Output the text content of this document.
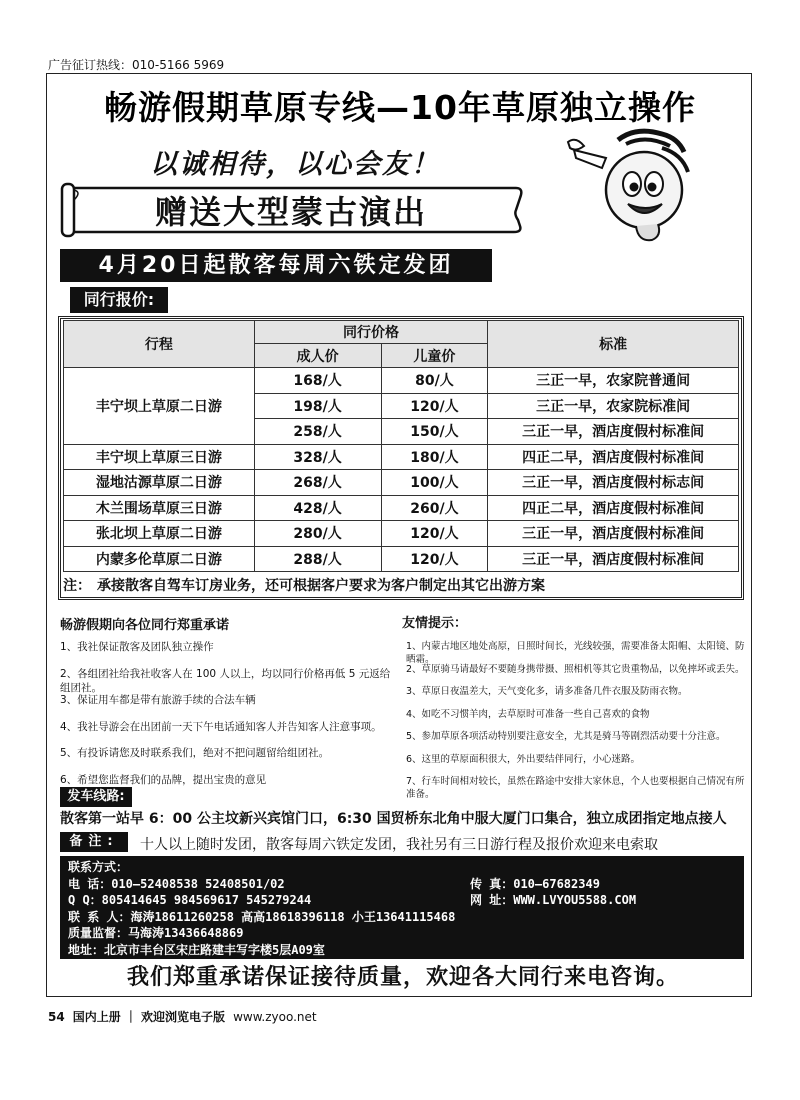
广告征订热线：010-5166 5969
畅游假期草原专线—10年草原独立操作
以诚相待，以心会友！
赠送大型蒙古演出
4月20日起散客每周六铁定发团
同行报价:
行程	同行价格		标准
	成人价	儿童价	
丰宁坝上草原二日游	168/人	80/人	三正一早，农家院普通间
	198/人	120/人	三正一早，农家院标准间
	258/人	150/人	三正一早，酒店度假村标准间
丰宁坝上草原三日游	328/人	180/人	四正二早，酒店度假村标准间
湿地沽源草原二日游	268/人	100/人	三正一早，酒店度假村标志间
木兰围场草原三日游	428/人	260/人	四正二早，酒店度假村标准间
张北坝上草原二日游	280/人	120/人	三正一早，酒店度假村标准间
内蒙多伦草原二日游	288/人	120/人	三正一早，酒店度假村标准间
注： 承接散客自驾车订房业务，还可根据客户要求为客户制定出其它出游方案
畅游假期向各位同行郑重承诺
1、我社保证散客及团队独立操作
2、各组团社给我社收客人在 100 人以上，均以同行价格再低 5 元返给组团社。
3、保证用车都是带有旅游手续的合法车辆
4、我社导游会在出团前一天下午电话通知客人并告知客人注意事项。
5、有投诉请您及时联系我们，绝对不把问题留给组团社。
6、希望您监督我们的品牌，提出宝贵的意见
友情提示：
1、内蒙古地区地处高原，日照时间长，光线较强，需要准备太阳帽、太阳镜、防晒霜。
2、草原骑马请最好不要随身携带摄、照相机等其它贵重物品，以免摔坏或丢失。
3、草原日夜温差大，天气变化多，请多准备几件衣服及防雨衣物。
4、如吃不习惯羊肉，去草原时可准备一些自己喜欢的食物
5、参加草原各项活动特别要注意安全，尤其是骑马等剧烈活动要十分注意。
6、这里的草原面积很大，外出要结伴同行，小心迷路。
7、行车时间相对较长，虽然在路途中安排大家休息，个人也要根据自己情况有所准备。
发车线路:
散客第一站早 6：00 公主坟新兴宾馆门口，6:30 国贸桥东北角中服大厦门口集合，独立成团指定地点接人
备注:	十人以上随时发团，散客每周六铁定发团，我社另有三日游行程及报价欢迎来电索取
联系方式：
电 话：010—52408538 52408501/02	传 真：010—67682349
Q Q：805414645 984569617 545279244	网 址：WWW.LVYOU5588.COM
联 系 人：海涛18611260258 高高18618396118 小王13641115468
质量监督：马海涛13436648869
地址：北京市丰台区宋庄路建丰写字楼5层A09室
我们郑重承诺保证接待质量，欢迎各大同行来电咨询。
54 国内上册 ｜ 欢迎浏览电子版 www.zyoo.net
